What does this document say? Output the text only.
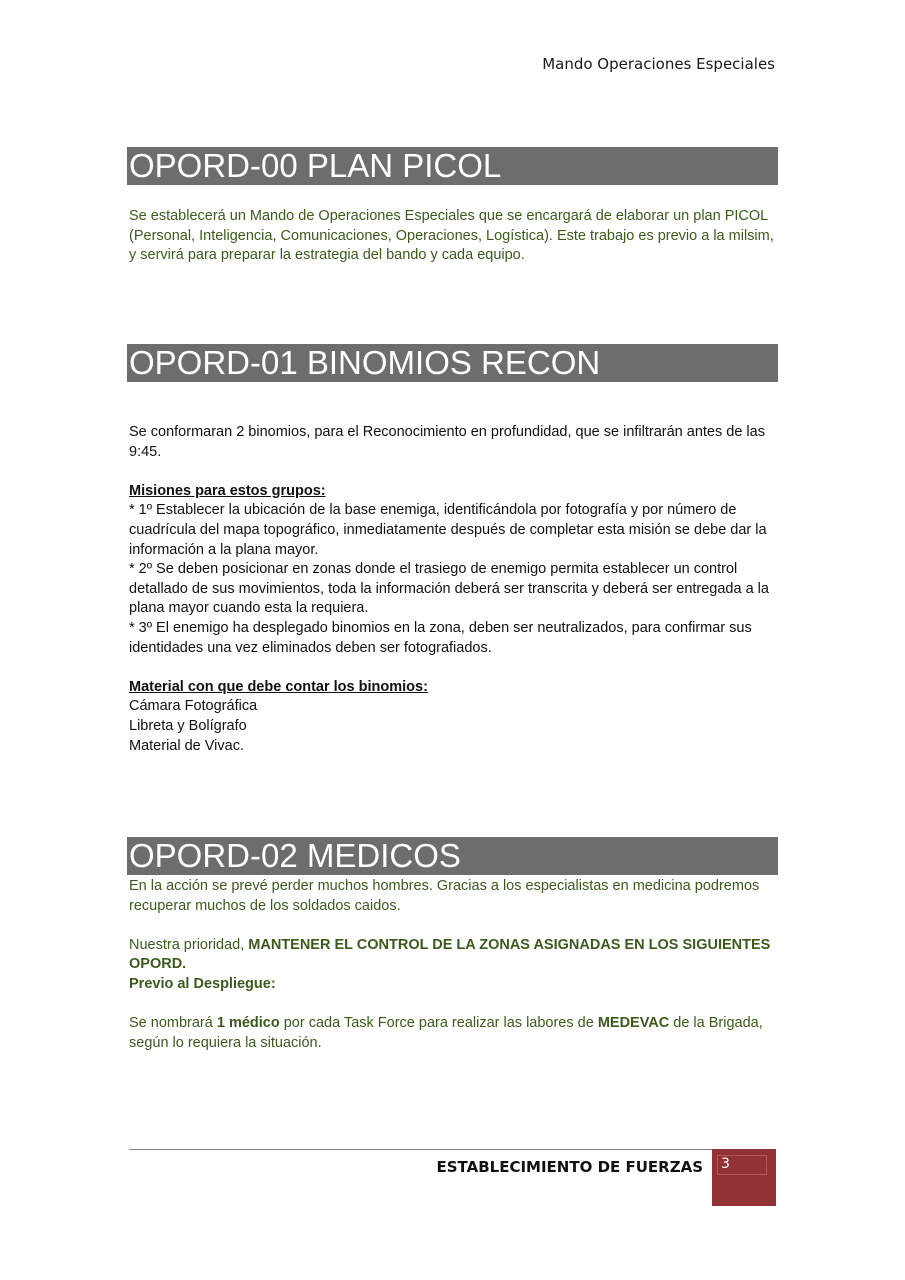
Mando Operaciones Especiales
OPORD-00 PLAN PICOL
Se establecerá un Mando de Operaciones Especiales que se encargará de elaborar un plan PICOL (Personal, Inteligencia, Comunicaciones, Operaciones, Logística). Este trabajo es previo a la milsim, y servirá para preparar la estrategia del bando y cada equipo.
OPORD-01 BINOMIOS RECON

Se conformaran 2 binomios, para el Reconocimiento en profundidad, que se infiltrarán antes de las 9:45.

Misiones para estos grupos:

* 1º Establecer la ubicación de la base enemiga, identificándola por fotografía y por número de cuadrícula del mapa topográfico, inmediatamente después de completar esta misión se debe dar la información a la plana mayor.

* 2º Se deben posicionar en zonas donde el trasiego de enemigo permita establecer un control detallado de sus movimientos, toda la información deberá ser transcrita y deberá ser entregada a la plana mayor cuando esta la requiera.

* 3º El enemigo ha desplegado binomios en la zona, deben ser neutralizados, para confirmar sus identidades una vez eliminados deben ser fotografiados.

Material con que debe contar los binomios:

Cámara Fotográfica

Libreta y Bolígrafo

Material de Vivac.

OPORD-02 MEDICOS

En la acción se prevé perder muchos hombres. Gracias a los especialistas en medicina podremos recuperar muchos de los soldados caidos.

Nuestra prioridad, MANTENER EL CONTROL DE LA ZONAS ASIGNADAS EN LOS SIGUIENTES OPORD.

Previo al Despliegue:

Se nombrará 1 médico por cada Task Force para realizar las labores de MEDEVAC de la Brigada, según lo requiera la situación.

ESTABLECIMIENTO DE FUERZAS 3
